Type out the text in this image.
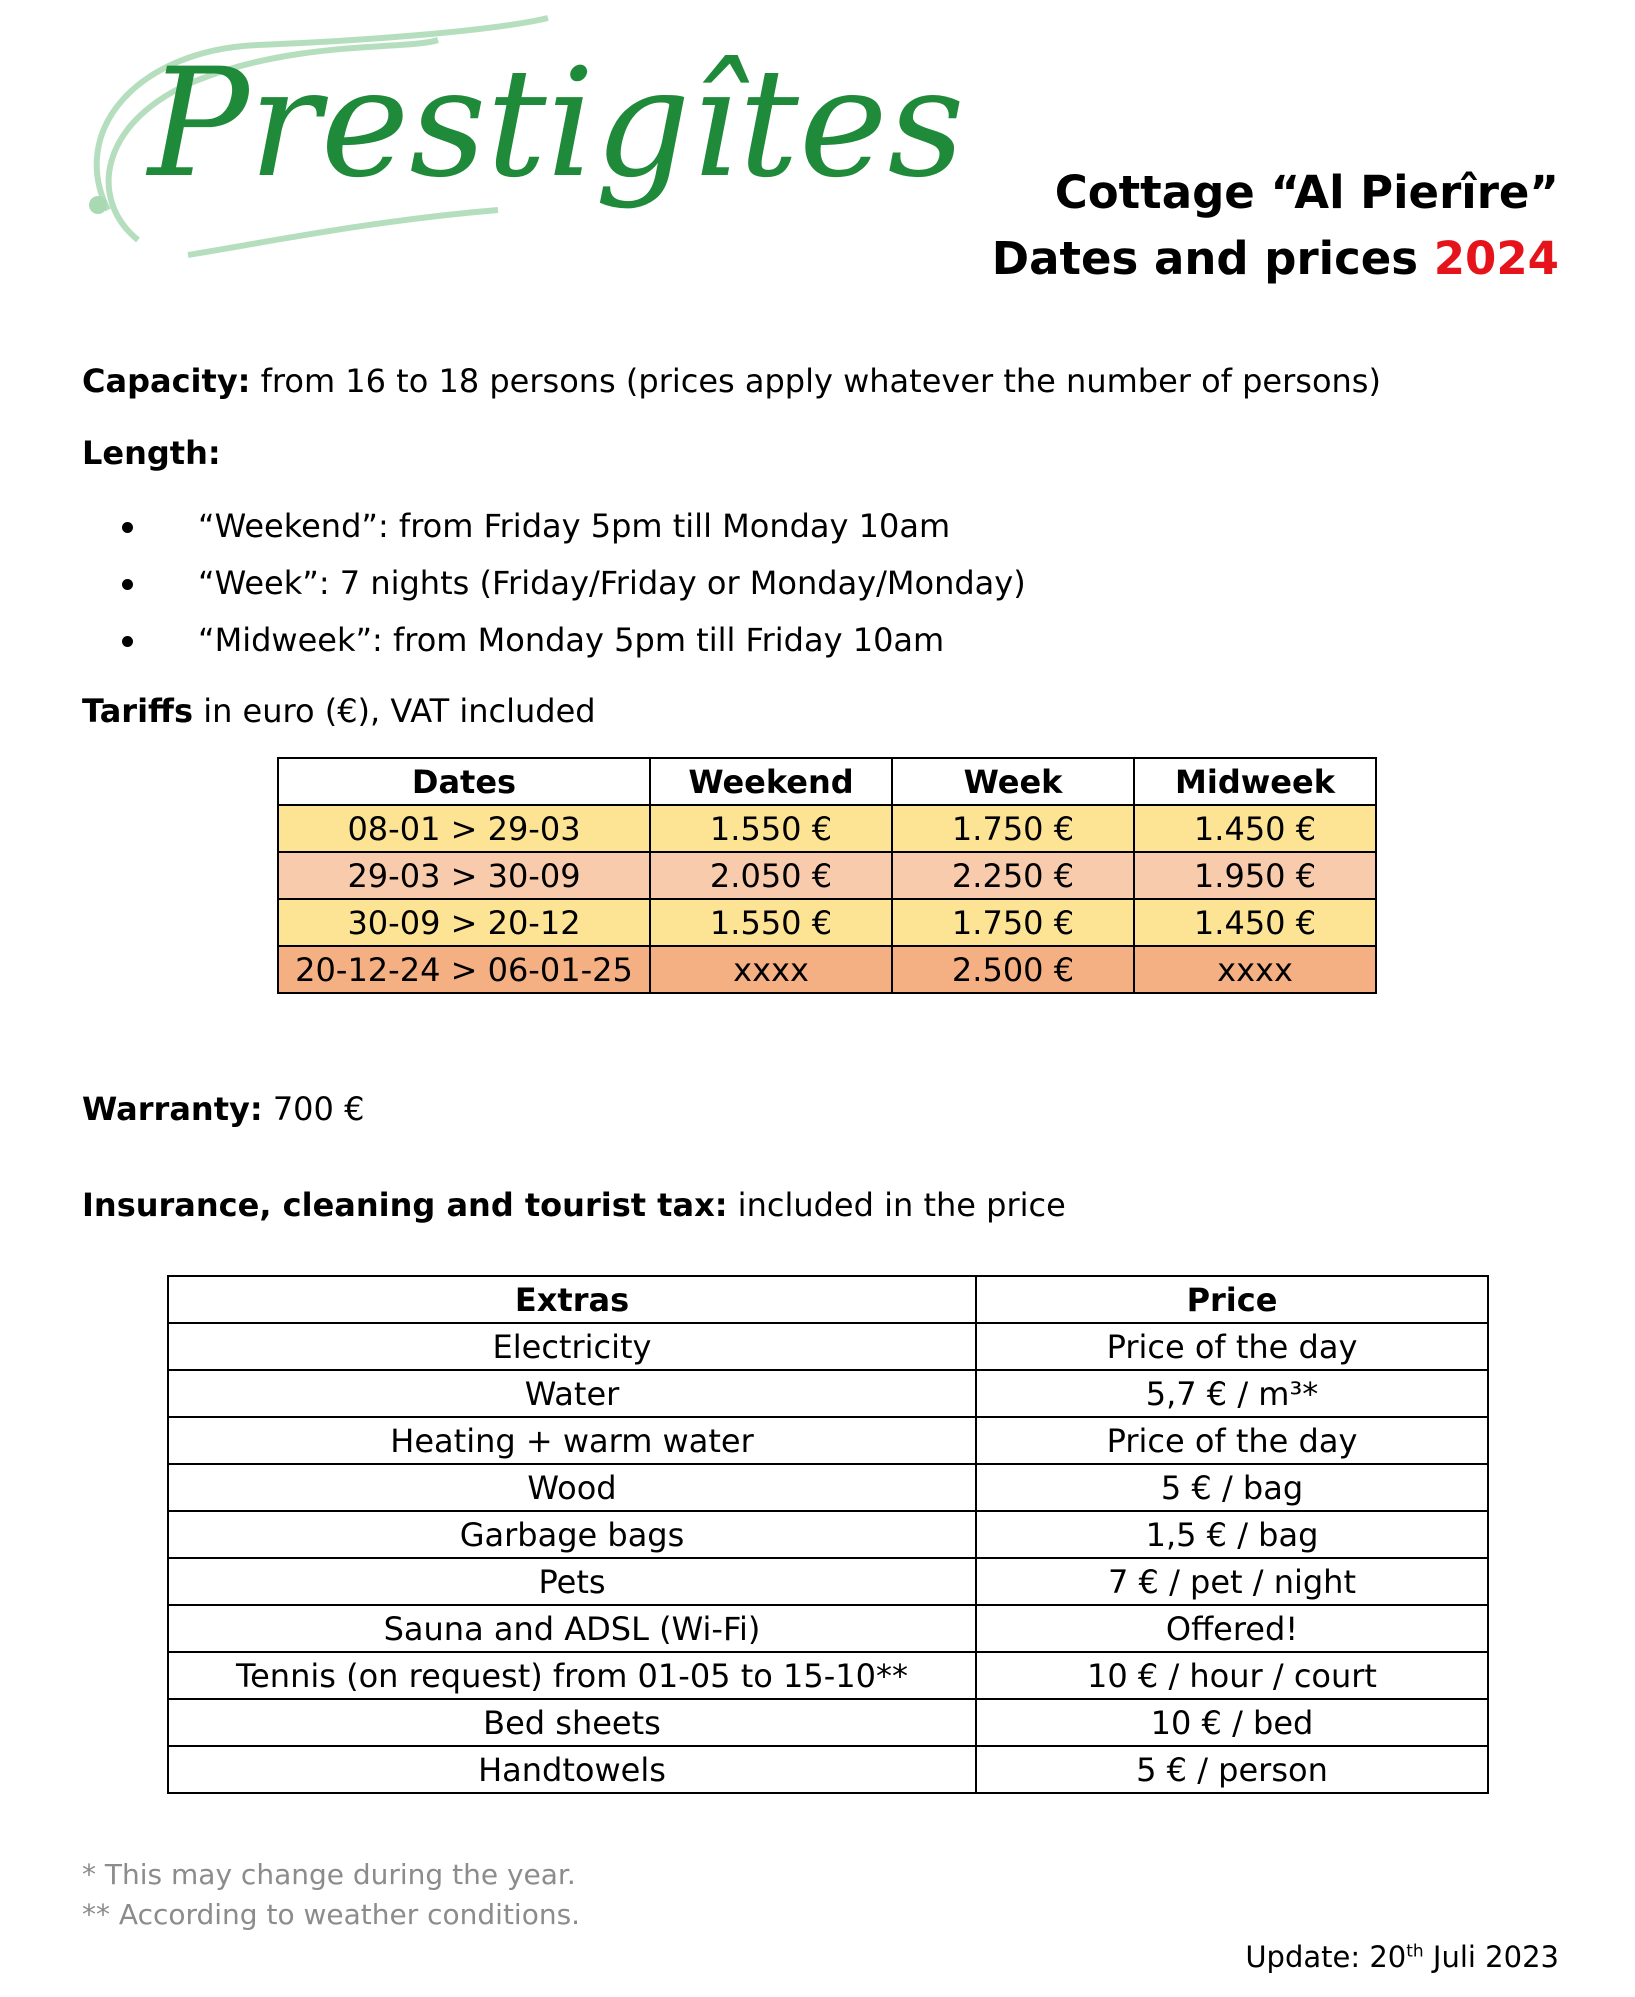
Prestigîtes Cottage “Al Pierîre”
Dates and prices 2024
Capacity: from 16 to 18 persons (prices apply whatever the number of persons)
Length:
“Weekend”: from Friday 5pm till Monday 10am
“Week”: 7 nights (Friday/Friday or Monday/Monday)
“Midweek”: from Monday 5pm till Friday 10am
Tariffs in euro (€), VAT included
Dates	Weekend	Week	Midweek
08-01 > 29-03	1.550 €	1.750 €	1.450 €
29-03 > 30-09	2.050 €	2.250 €	1.950 €
30-09 > 20-12	1.550 €	1.750 €	1.450 €
20-12-24 > 06-01-25	xxxx	2.500 €	xxxx
Warranty: 700 €
Insurance, cleaning and tourist tax: included in the price
Extras	Price
Electricity	Price of the day
Water	5,7 € / m³*
Heating + warm water	Price of the day
Wood	5 € / bag
Garbage bags	1,5 € / bag
Pets	7 € / pet / night
Sauna and ADSL (Wi-Fi)	Offered!
Tennis (on request) from 01-05 to 15-10**	10 € / hour / court
Bed sheets	10 € / bed
Handtowels	5 € / person
* This may change during the year.
** According to weather conditions.
Update: 20th Juli 2023
